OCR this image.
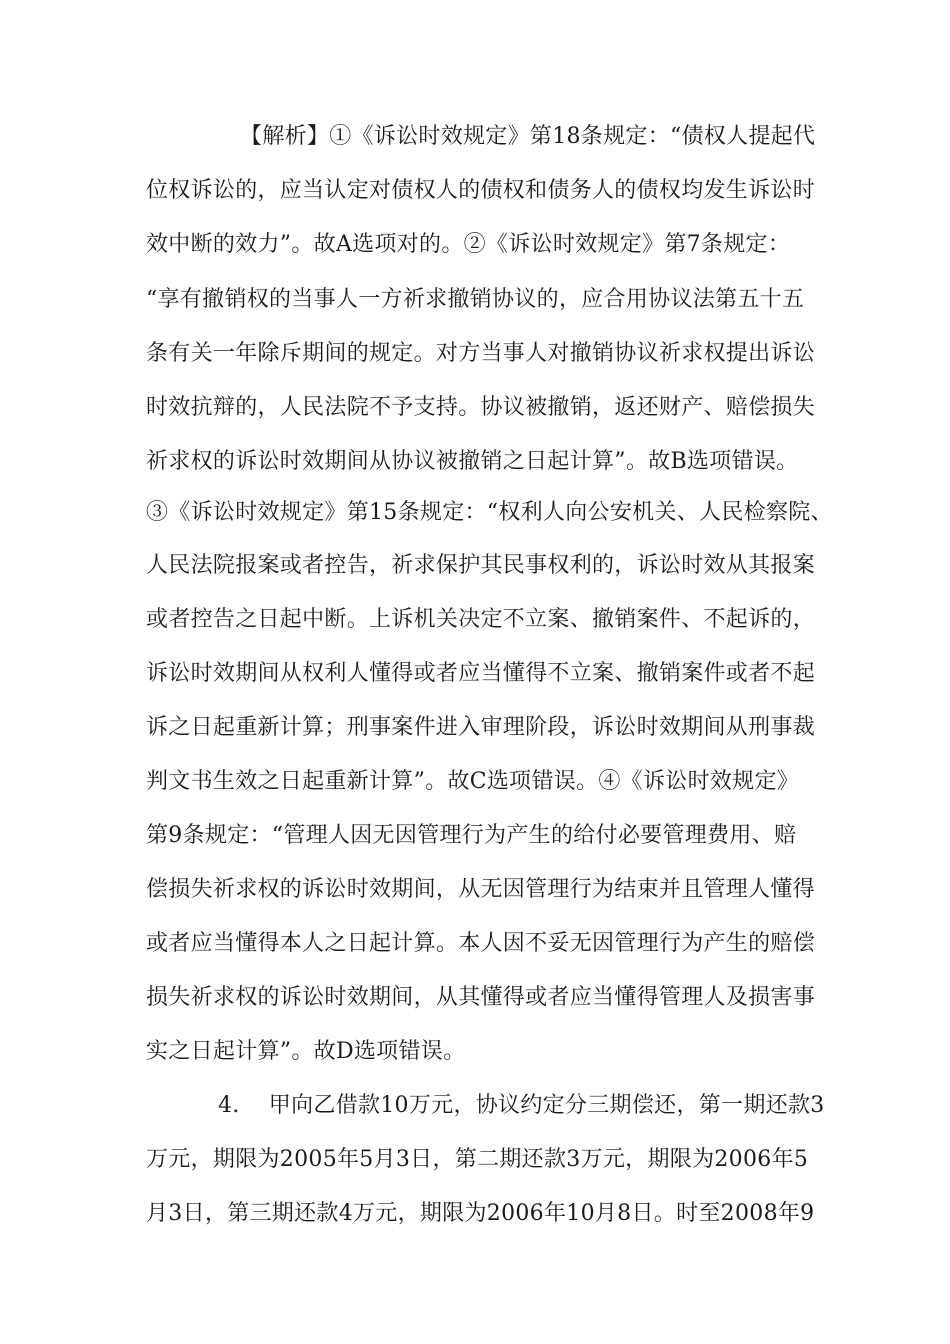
【解析】①《诉讼时效规定》第18条规定：“债权人提起代
位权诉讼的，应当认定对债权人的债权和债务人的债权均发生诉讼时
效中断的效力”。故A选项对的。②《诉讼时效规定》第7条规定：
“享有撤销权的当事人一方祈求撤销协议的，应合用协议法第五十五
条有关一年除斥期间的规定。对方当事人对撤销协议祈求权提出诉讼
时效抗辩的，人民法院不予支持。协议被撤销，返还财产、赔偿损失
祈求权的诉讼时效期间从协议被撤销之日起计算”。故B选项错误。
③《诉讼时效规定》第15条规定：“权利人向公安机关、人民检察院、
人民法院报案或者控告，祈求保护其民事权利的，诉讼时效从其报案
或者控告之日起中断。上诉机关决定不立案、撤销案件、不起诉的，
诉讼时效期间从权利人懂得或者应当懂得不立案、撤销案件或者不起
诉之日起重新计算；刑事案件进入审理阶段，诉讼时效期间从刑事裁
判文书生效之日起重新计算”。故C选项错误。④《诉讼时效规定》
第9条规定：“管理人因无因管理行为产生的给付必要管理费用、赔
偿损失祈求权的诉讼时效期间，从无因管理行为结束并且管理人懂得
或者应当懂得本人之日起计算。本人因不妥无因管理行为产生的赔偿
损失祈求权的诉讼时效期间，从其懂得或者应当懂得管理人及损害事
实之日起计算”。故D选项错误。
4.    甲向乙借款10万元，协议约定分三期偿还，第一期还款3
万元，期限为2005年5月3日，第二期还款3万元，期限为2006年5
月3日，第三期还款4万元，期限为2006年10月8日。时至2008年9
